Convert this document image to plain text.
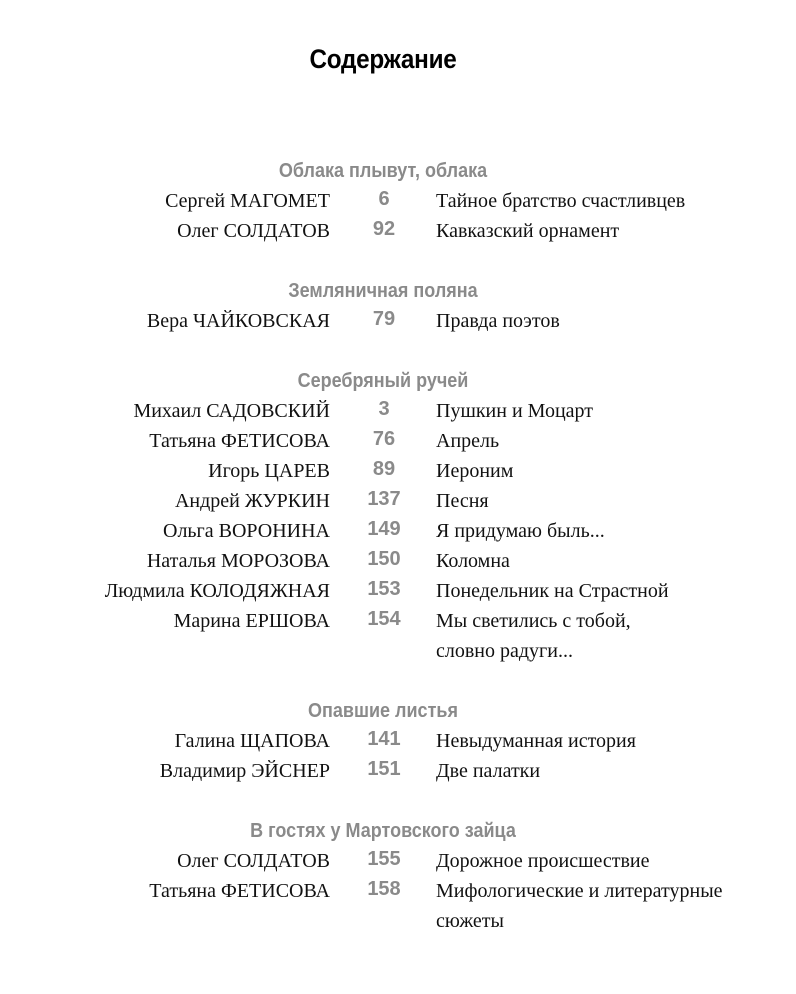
Содержание
Облака плывут, облака
Сергей МАГОМЕТ	6	Тайное братство счастливцев
Олег СОЛДАТОВ	92	Кавказский орнамент
Земляничная поляна
Вера ЧАЙКОВСКАЯ	79	Правда поэтов
Серебряный ручей
Михаил САДОВСКИЙ	3	Пушкин и Моцарт
Татьяна ФЕТИСОВА	76	Апрель
Игорь ЦАРЕВ	89	Иероним
Андрей ЖУРКИН	137	Песня
Ольга ВОРОНИНА	149	Я придумаю быль...
Наталья МОРОЗОВА	150	Коломна
Людмила КОЛОДЯЖНАЯ	153	Понедельник на Страстной
Марина ЕРШОВА	154	Мы светились с тобой, словно радуги...
Опавшие листья
Галина ЩАПОВА	141	Невыдуманная история
Владимир ЭЙСНЕР	151	Две палатки
В гостях у Мартовского зайца
Олег СОЛДАТОВ	155	Дорожное происшествие
Татьяна ФЕТИСОВА	158	Мифологические и литературные сюжеты
